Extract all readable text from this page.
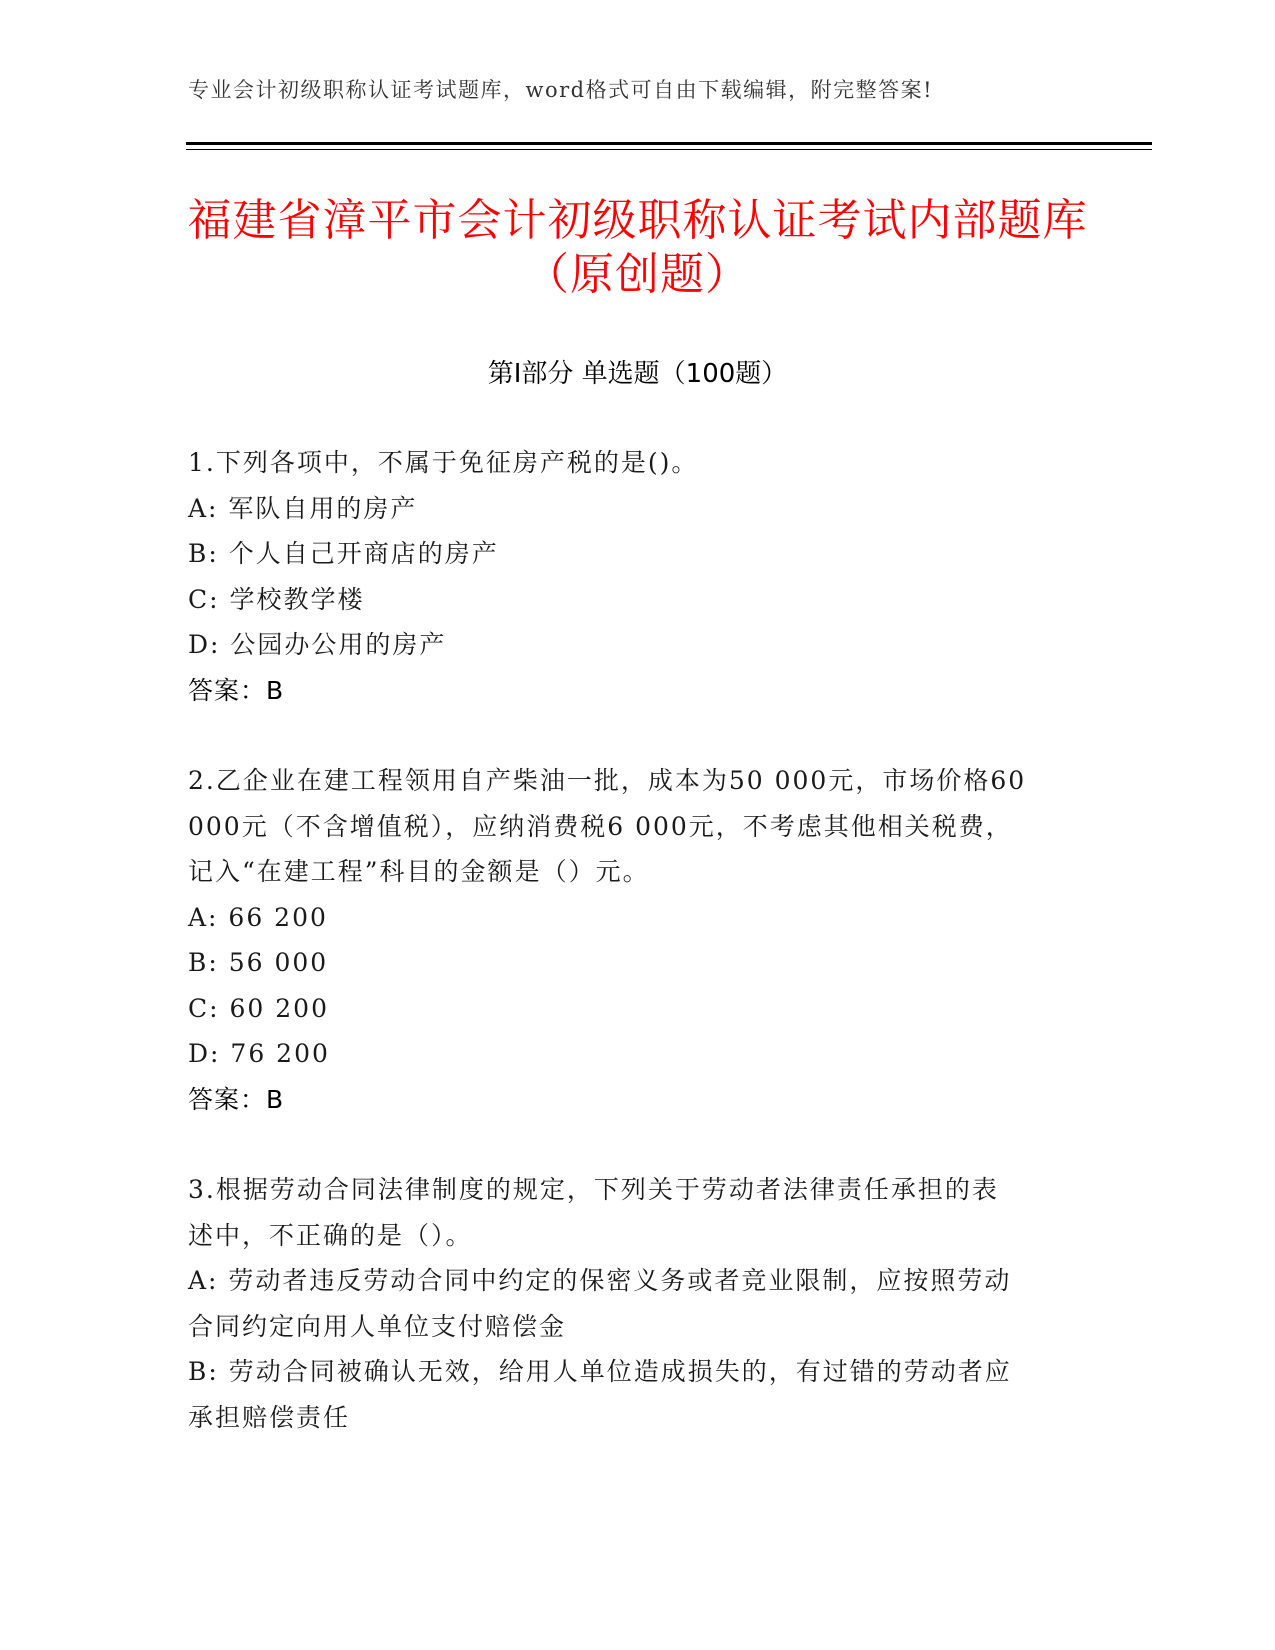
专业会计初级职称认证考试题库，word格式可自由下载编辑，附完整答案!
福建省漳平市会计初级职称认证考试内部题库（原创题）
第I部分 单选题（100题）
1.下列各项中，不属于免征房产税的是()。
A: 军队自用的房产
B: 个人自己开商店的房产
C: 学校教学楼
D: 公园办公用的房产
答案：B
2.乙企业在建工程领用自产柴油一批，成本为50 000元，市场价格60
000元（不含增值税），应纳消费税6 000元，不考虑其他相关税费，
记入“在建工程”科目的金额是（）元。
A: 66 200
B: 56 000
C: 60 200
D: 76 200
答案：B
3.根据劳动合同法律制度的规定，下列关于劳动者法律责任承担的表
述中，不正确的是（）。
A: 劳动者违反劳动合同中约定的保密义务或者竞业限制，应按照劳动
合同约定向用人单位支付赔偿金
B: 劳动合同被确认无效，给用人单位造成损失的，有过错的劳动者应
承担赔偿责任
